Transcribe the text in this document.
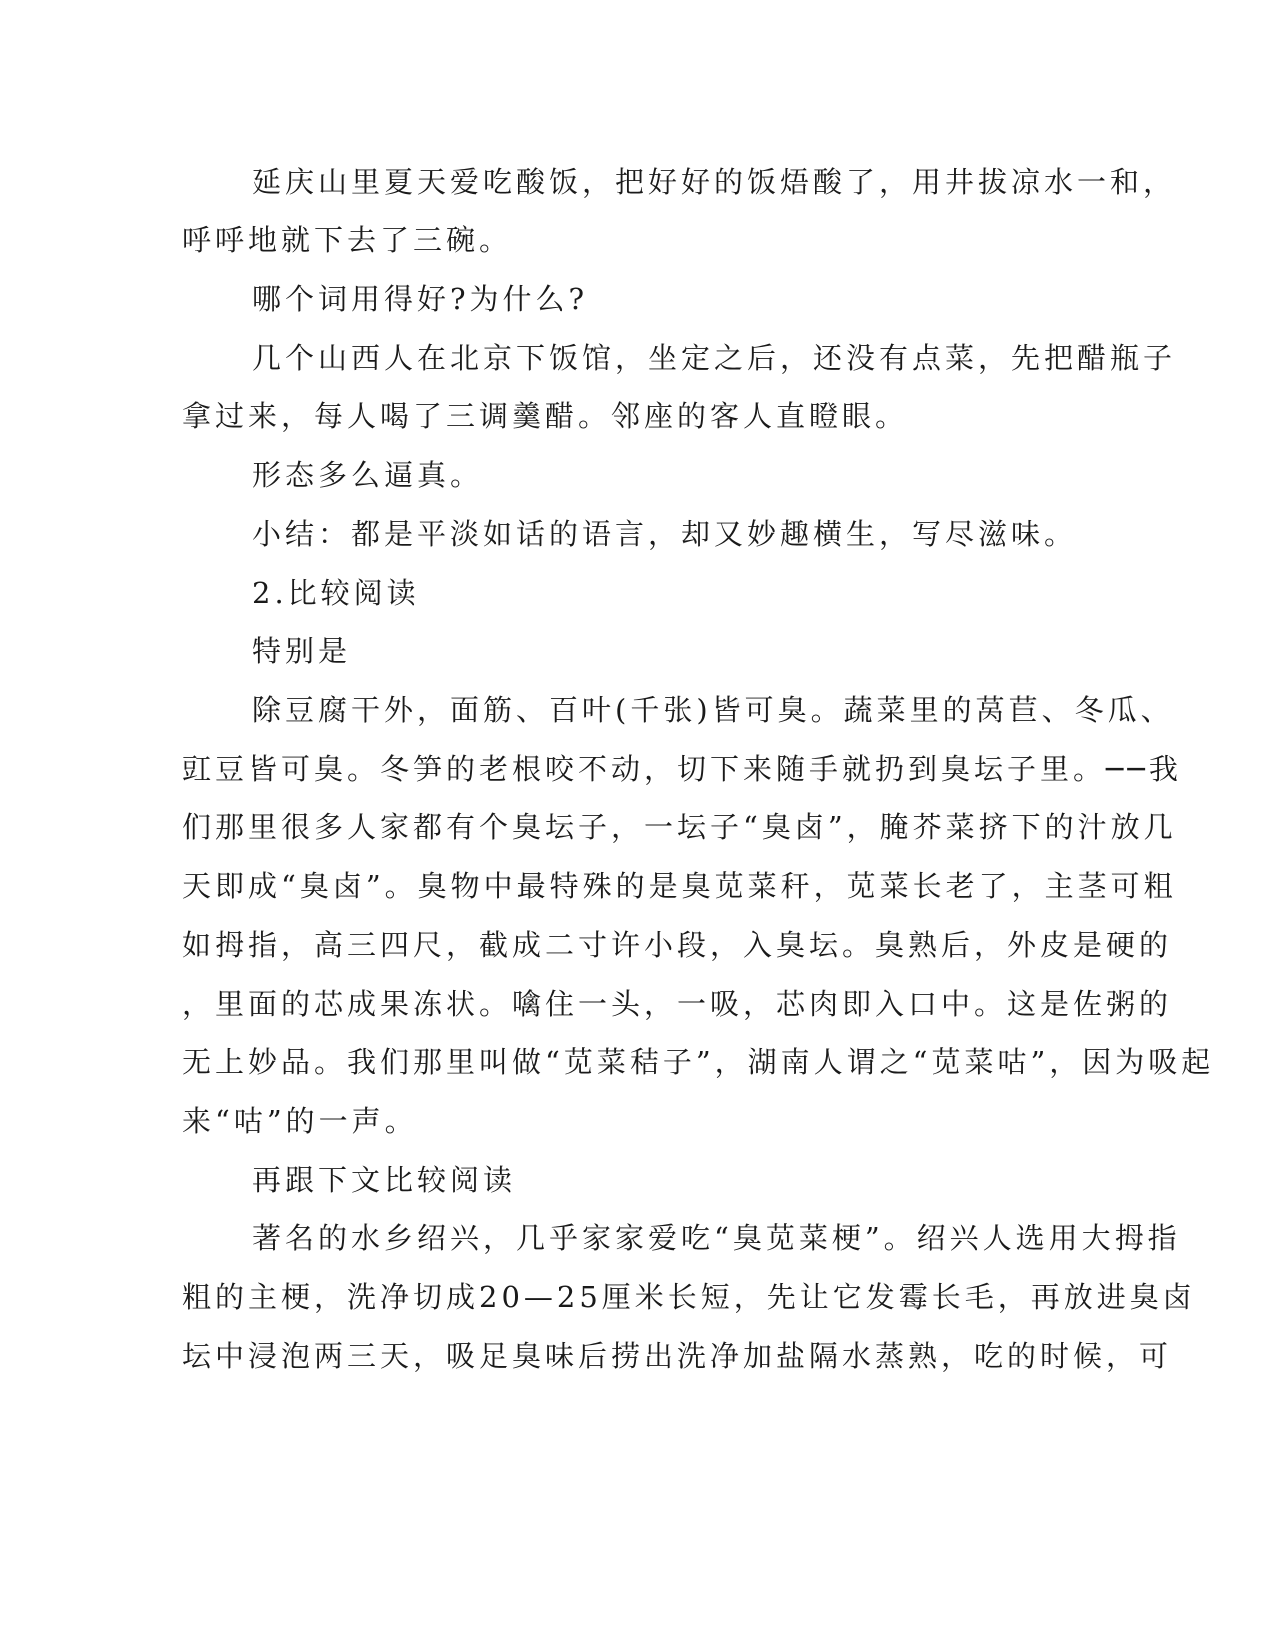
延庆山里夏天爱吃酸饭，把好好的饭焐酸了，用井拔凉水一和，

呼呼地就下去了三碗。

哪个词用得好?为什么?

几个山西人在北京下饭馆，坐定之后，还没有点菜，先把醋瓶子

拿过来，每人喝了三调羹醋。邻座的客人直瞪眼。

形态多么逼真。

小结：都是平淡如话的语言，却又妙趣横生，写尽滋味。

2.比较阅读

特别是

除豆腐干外，面筋、百叶(千张)皆可臭。蔬菜里的莴苣、冬瓜、

豇豆皆可臭。冬笋的老根咬不动，切下来随手就扔到臭坛子里。──我

们那里很多人家都有个臭坛子，一坛子“臭卤”，腌芥菜挤下的汁放几

天即成“臭卤”。臭物中最特殊的是臭苋菜秆，苋菜长老了，主茎可粗

如拇指，高三四尺，截成二寸许小段，入臭坛。臭熟后，外皮是硬的

，里面的芯成果冻状。噙住一头，一吸，芯肉即入口中。这是佐粥的

无上妙品。我们那里叫做“苋菜秸子”，湖南人谓之“苋菜咕”，因为吸起

来“咕”的一声。

再跟下文比较阅读

著名的水乡绍兴，几乎家家爱吃“臭苋菜梗”。绍兴人选用大拇指

粗的主梗，洗净切成20—25厘米长短，先让它发霉长毛，再放进臭卤

坛中浸泡两三天，吸足臭味后捞出洗净加盐隔水蒸熟，吃的时候，可
